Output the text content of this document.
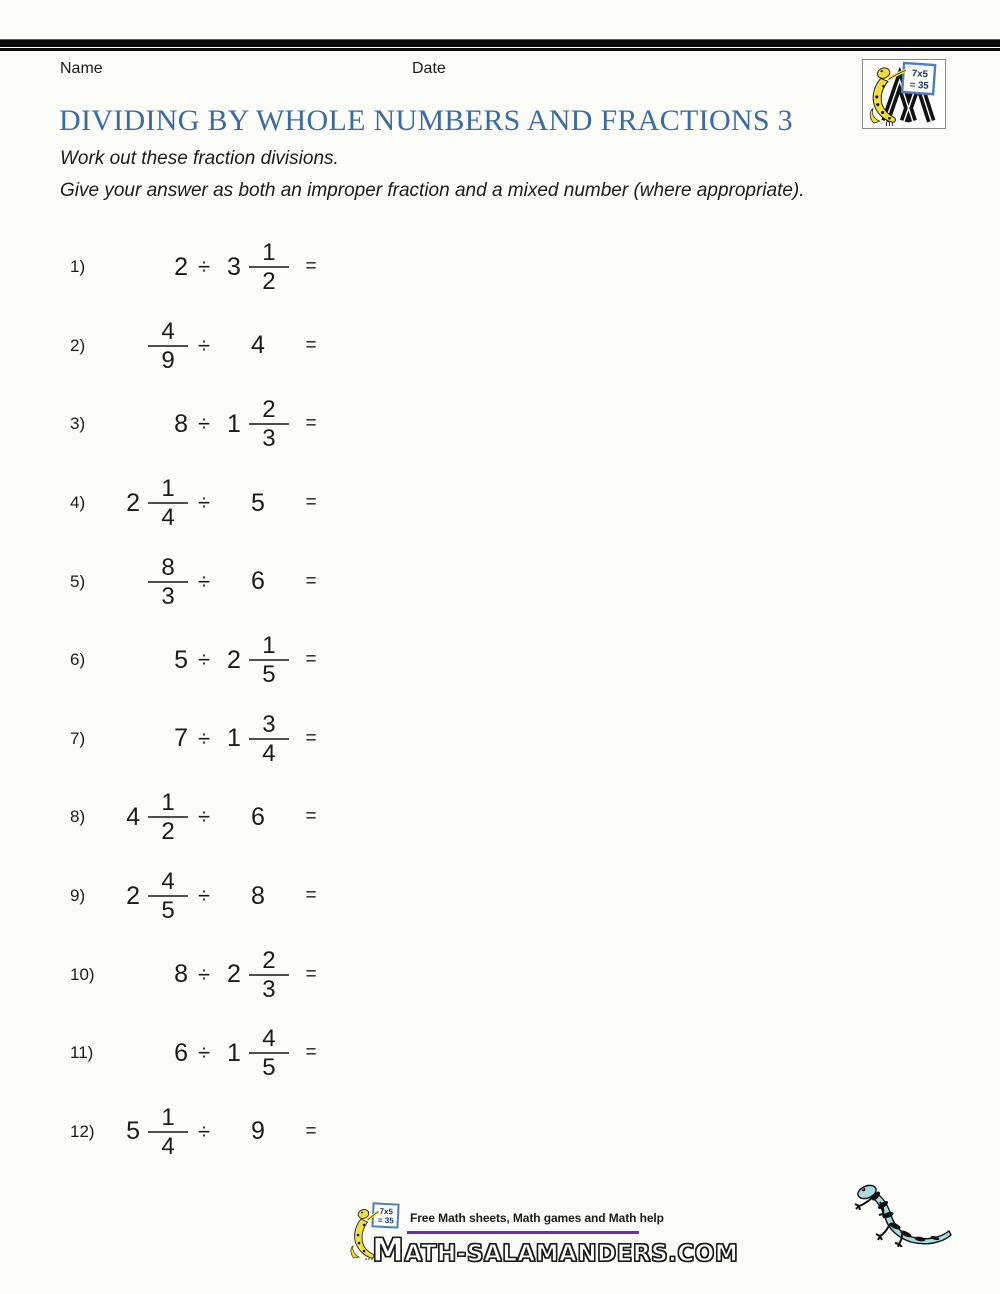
Name	Date	7x5
= 35
DIVIDING BY WHOLE NUMBERS AND FRACTIONS 3

Work out these fraction divisions.

Give your answer as both an improper fraction and a mixed number (where appropriate).

1)	$2 \div 3 \frac{1}{2}$ =
2)	$\frac{4}{9}$ ÷	4	=
3)	$8 \div 1 \frac{2}{3}$ =
4)	$2 \frac{1}{4}$ ÷	5	=
5)	$\frac{8}{3}$ ÷	6	=
6)	$5 \div 2 \frac{1}{5}$ =
7)	$7 \div 1 \frac{3}{4}$ =
8)	$4 \frac{1}{2}$ ÷	6	=
9)	$2 \frac{4}{5}$ ÷	8	=
10)	$8 \div 2 \frac{2}{3}$ =
11)	$6 \div 1 \frac{4}{5}$ =
12)	$5 \frac{1}{4}$ ÷	9	=
7x5
= 35 Free Math sheets, Math games and Math help

MATH-SALAMANDERS.COM
